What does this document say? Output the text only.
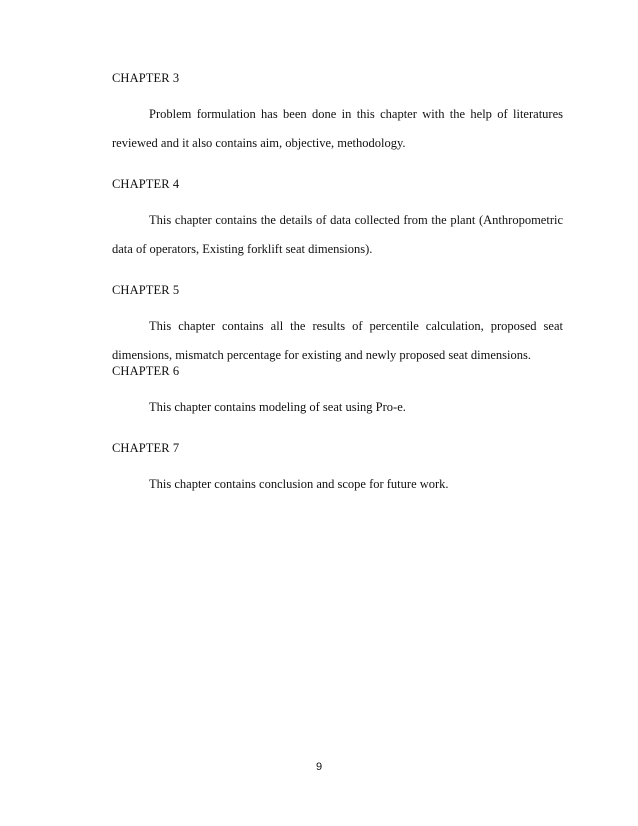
CHAPTER 3

Problem formulation has been done in this chapter with the help of literatures reviewed and it also contains aim, objective, methodology.

CHAPTER 4

This chapter contains the details of data collected from the plant (Anthropometric data of operators, Existing forklift seat dimensions).

CHAPTER 5

This chapter contains all the results of percentile calculation, proposed seat dimensions, mismatch percentage for existing and newly proposed seat dimensions.

CHAPTER 6

This chapter contains modeling of seat using Pro-e.

CHAPTER 7

This chapter contains conclusion and scope for future work.

9
